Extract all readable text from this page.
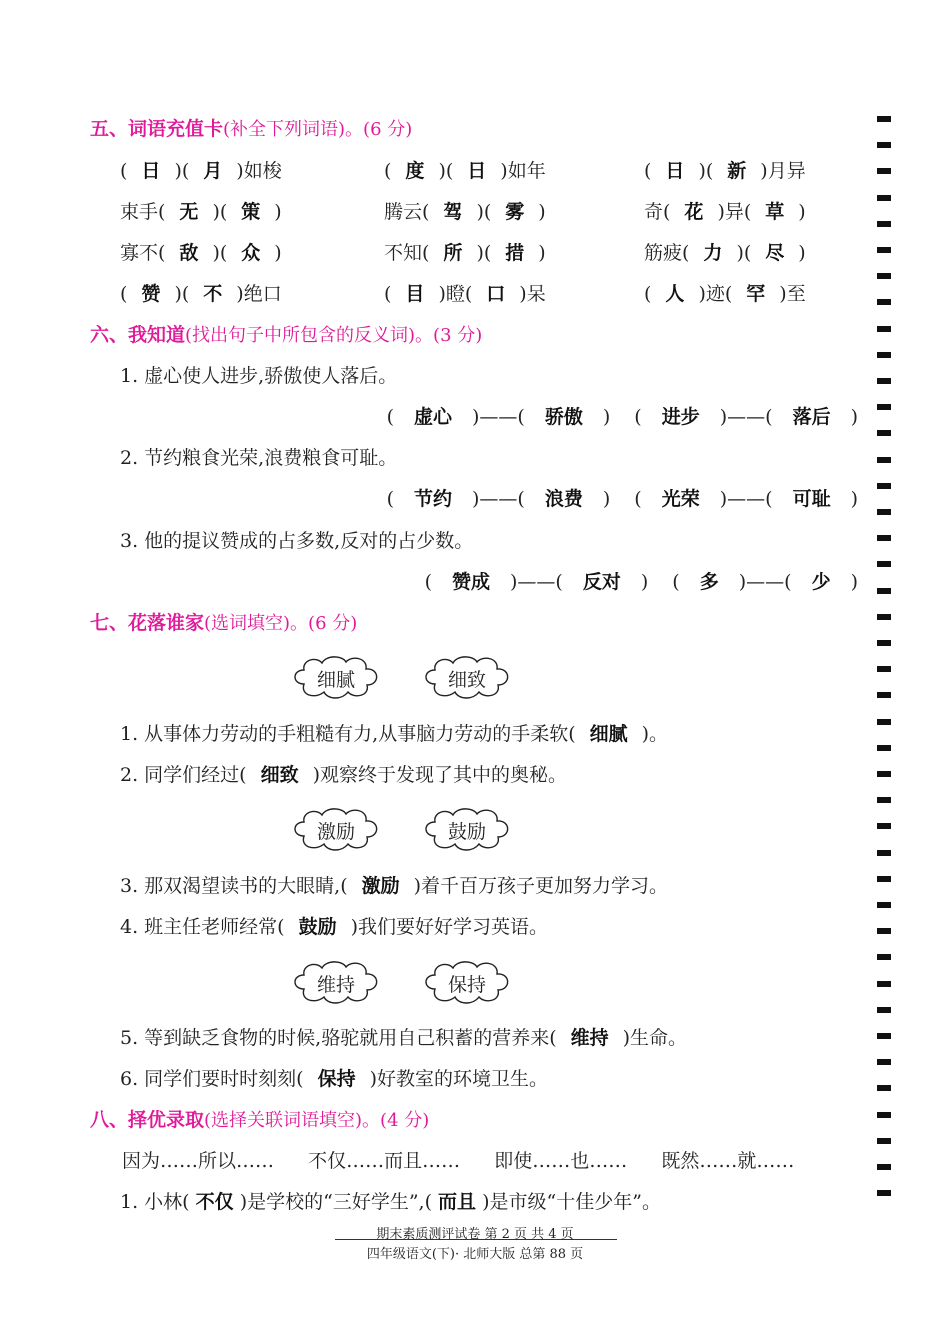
五、词语充值卡(补全下列词语)。(6 分)
( 日 )( 月 )如梭	( 度 )( 日 )如年	( 日 )( 新 )月异
束手( 无 )( 策 )	腾云( 驾 )( 雾 )	奇( 花 )异( 草 )
寡不( 敌 )( 众 )	不知( 所 )( 措 )	筋疲( 力 )( 尽 )
( 赞 )( 不 )绝口	( 目 )瞪( 口 )呆	( 人 )迹( 罕 )至
六、我知道(找出句子中所包含的反义词)。(3 分)
1. 虚心使人进步,骄傲使人落后。
( 虚心 )——( 骄傲 ) ( 进步 )——( 落后 )
2. 节约粮食光荣,浪费粮食可耻。
( 节约 )——( 浪费 ) ( 光荣 )——( 可耻 )
3. 他的提议赞成的占多数,反对的占少数。
( 赞成 )——( 反对 ) ( 多 )——( 少 )
七、花落谁家(选词填空)。(6 分)
细腻	细致
激励	鼓励
维持	保持
1. 从事体力劳动的手粗糙有力,从事脑力劳动的手柔软( 细腻 )。
2. 同学们经过( 细致 )观察终于发现了其中的奥秘。
3. 那双渴望读书的大眼睛,( 激励 )着千百万孩子更加努力学习。
4. 班主任老师经常( 鼓励 )我们要好好学习英语。
5. 等到缺乏食物的时候,骆驼就用自己积蓄的营养来( 维持 )生命。
6. 同学们要时时刻刻( 保持 )好教室的环境卫生。
八、择优录取(选择关联词语填空)。(4 分)
因为……所以…… 不仅……而且…… 即使……也…… 既然……就……
1. 小林( 不仅 )是学校的“三好学生”,( 而且 )是市级“十佳少年”。
期末素质测评试卷 第 2 页 共 4 页
四年级语文(下)· 北师大版 总第 88 页
